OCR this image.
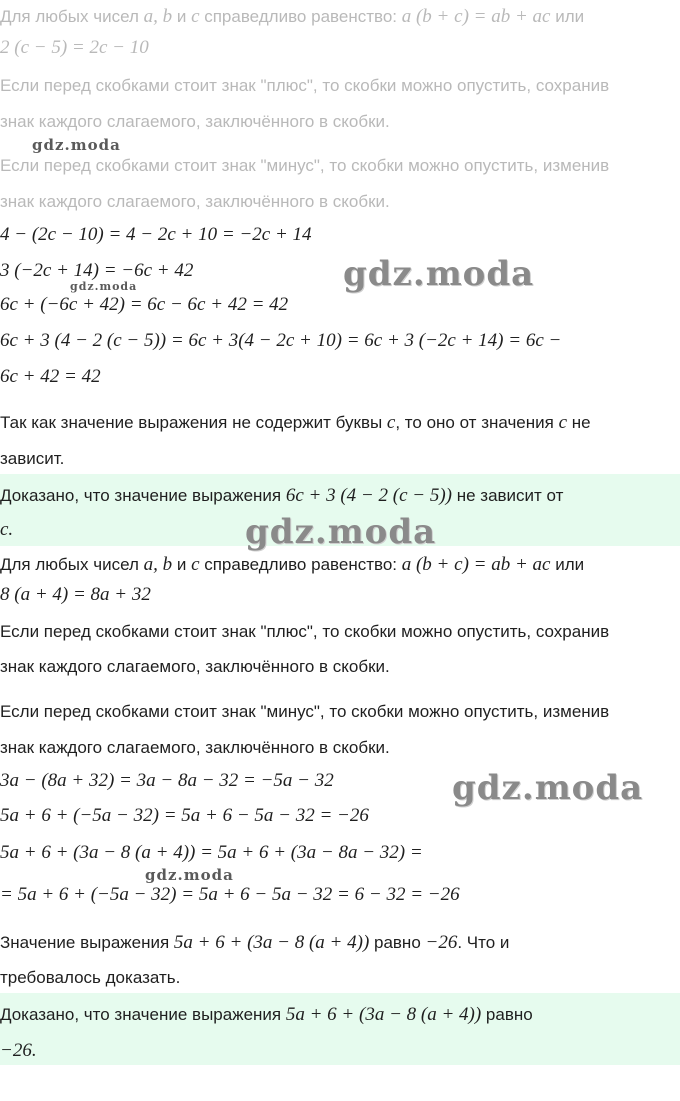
Для любых чисел a, b и c справедливо равенство: a (b + c) = ab + ac или
2 (c − 5) = 2c − 10
Если перед скобками стоит знак "плюс", то скобки можно опустить, сохранив
знак каждого слагаемого, заключённого в скобки.
Если перед скобками стоит знак "минус", то скобки можно опустить, изменив
знак каждого слагаемого, заключённого в скобки.
4 − (2c − 10) = 4 − 2c + 10 = −2c + 14
3 (−2c + 14) = −6c + 42
6c + (−6c + 42) = 6c − 6c + 42 = 42
6c + 3 (4 − 2 (c − 5)) = 6c + 3(4 − 2c + 10) = 6c + 3 (−2c + 14) = 6c −
6c + 42 = 42
Так как значение выражения не содержит буквы c, то оно от значения c не
зависит.
Доказано, что значение выражения 6c + 3 (4 − 2 (c − 5)) не зависит от
c.
Для любых чисел a, b и c справедливо равенство: a (b + c) = ab + ac или
8 (a + 4) = 8a + 32
Если перед скобками стоит знак "плюс", то скобки можно опустить, сохранив
знак каждого слагаемого, заключённого в скобки.
Если перед скобками стоит знак "минус", то скобки можно опустить, изменив
знак каждого слагаемого, заключённого в скобки.
3a − (8a + 32) = 3a − 8a − 32 = −5a − 32
5a + 6 + (−5a − 32) = 5a + 6 − 5a − 32 = −26
5a + 6 + (3a − 8 (a + 4)) = 5a + 6 + (3a − 8a − 32) =
= 5a + 6 + (−5a − 32) = 5a + 6 − 5a − 32 = 6 − 32 = −26
Значение выражения 5a + 6 + (3a − 8 (a + 4)) равно −26. Что и
требовалось доказать.
Доказано, что значение выражения 5a + 6 + (3a − 8 (a + 4)) равно
−26.
gdz.moda
gdz.moda	gdz.moda
gdz.moda
gdz.moda
gdz.moda
